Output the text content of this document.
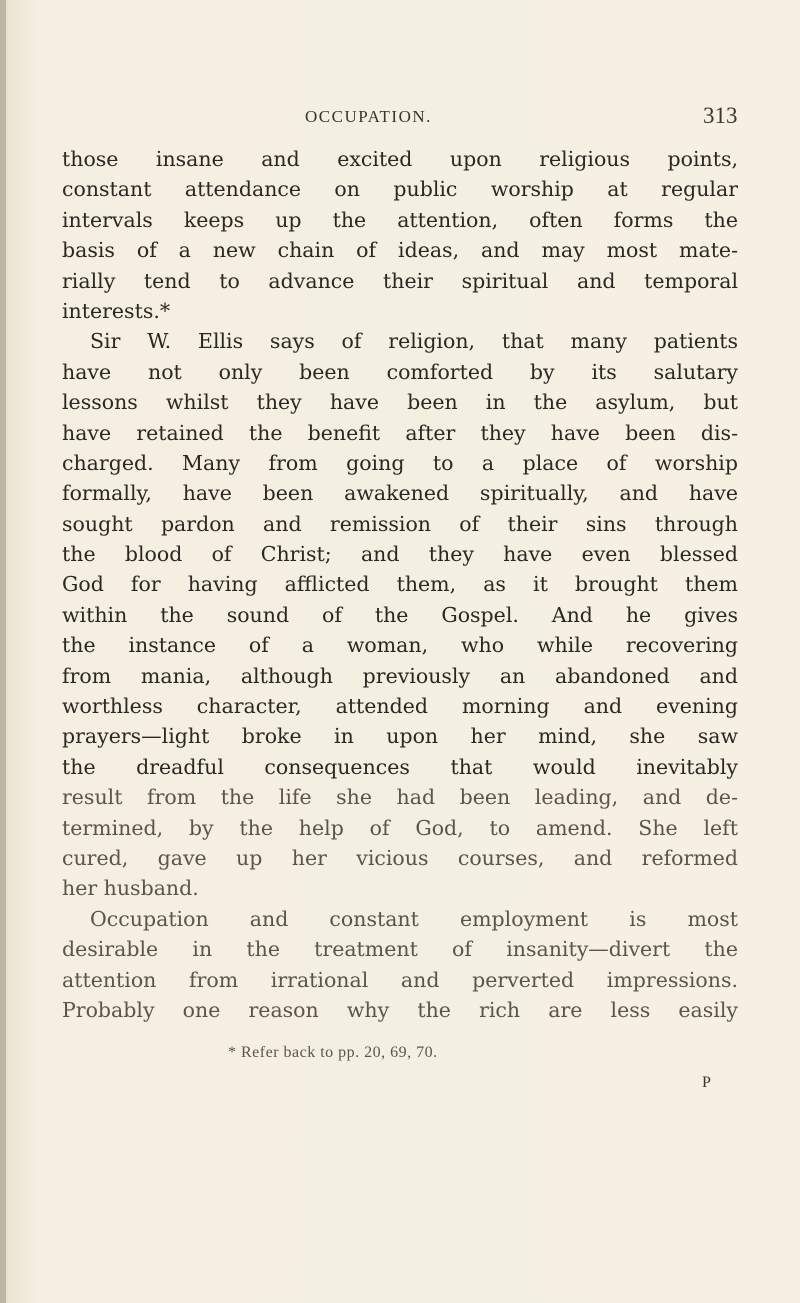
OCCUPATION.	313
those insane and excited upon religious points,
constant attendance on public worship at regular
intervals keeps up the attention, often forms the
basis of a new chain of ideas, and may most mate-
rially tend to advance their spiritual and temporal
interests.*
Sir W. Ellis says of religion, that many patients
have not only been comforted by its salutary
lessons whilst they have been in the asylum, but
have retained the benefit after they have been dis-
charged. Many from going to a place of worship
formally, have been awakened spiritually, and have
sought pardon and remission of their sins through
the blood of Christ; and they have even blessed
God for having afflicted them, as it brought them
within the sound of the Gospel. And he gives
the instance of a woman, who while recovering
from mania, although previously an abandoned and
worthless character, attended morning and evening
prayers—light broke in upon her mind, she saw
the dreadful consequences that would inevitably
result from the life she had been leading, and de-
termined, by the help of God, to amend. She left
cured, gave up her vicious courses, and reformed
her husband.
Occupation and constant employment is most
desirable in the treatment of insanity—divert the
attention from irrational and perverted impressions.
Probably one reason why the rich are less easily
* Refer back to pp. 20, 69, 70.
P
